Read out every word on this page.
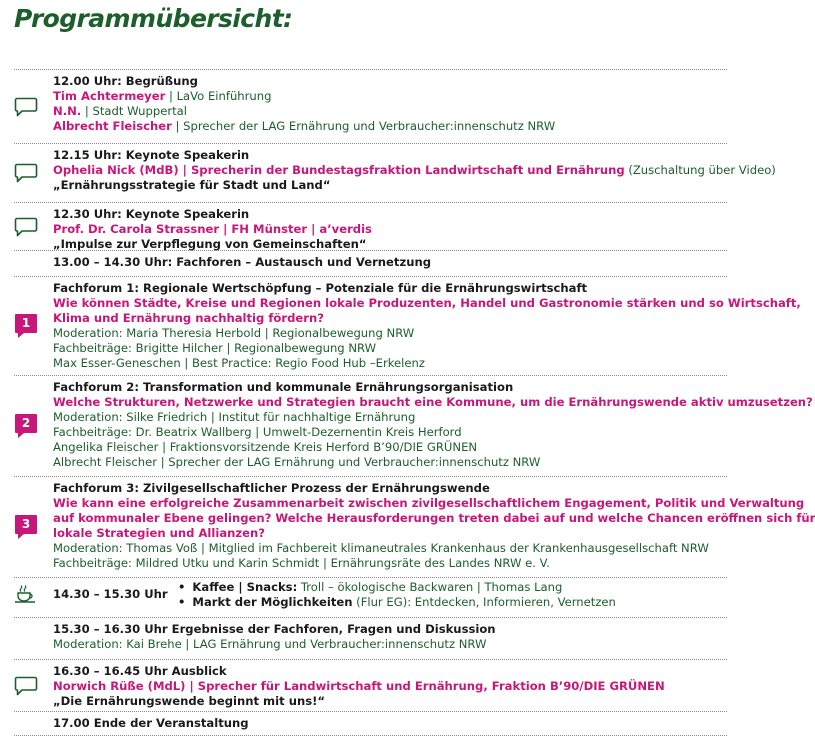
Programmübersicht:
12.00 Uhr: Begrüßung
Tim Achtermeyer | LaVo Einführung
N.N. | Stadt Wuppertal
Albrecht Fleischer | Sprecher der LAG Ernährung und Verbraucher:innenschutz NRW
12.15 Uhr: Keynote Speakerin
Ophelia Nick (MdB) | Sprecherin der Bundestagsfraktion Landwirtschaft und Ernährung (Zuschaltung über Video)
„Ernährungsstrategie für Stadt und Land“
12.30 Uhr: Keynote Speakerin
Prof. Dr. Carola Strassner | FH Münster | a’verdis
„Impulse zur Verpflegung von Gemeinschaften“
13.00 – 14.30 Uhr: Fachforen – Austausch und Vernetzung
1
Fachforum 1: Regionale Wertschöpfung – Potenziale für die Ernährungswirtschaft
Wie können Städte, Kreise und Regionen lokale Produzenten, Handel und Gastronomie stärken und so Wirtschaft,
Klima und Ernährung nachhaltig fördern?
Moderation: Maria Theresia Herbold | Regionalbewegung NRW
Fachbeiträge: Brigitte Hilcher | Regionalbewegung NRW
Max Esser-Geneschen | Best Practice: Regio Food Hub –Erkelenz
2
Fachforum 2: Transformation und kommunale Ernährungsorganisation
Welche Strukturen, Netzwerke und Strategien braucht eine Kommune, um die Ernährungswende aktiv umzusetzen?
Moderation: Silke Friedrich | Institut für nachhaltige Ernährung
Fachbeiträge: Dr. Beatrix Wallberg | Umwelt-Dezernentin Kreis Herford
Angelika Fleischer | Fraktionsvorsitzende Kreis Herford B’90/DIE GRÜNEN
Albrecht Fleischer | Sprecher der LAG Ernährung und Verbraucher:innenschutz NRW
3
Fachforum 3: Zivilgesellschaftlicher Prozess der Ernährungswende
Wie kann eine erfolgreiche Zusammenarbeit zwischen zivilgesellschaftlichem Engagement, Politik und Verwaltung
auf kommunaler Ebene gelingen? Welche Herausforderungen treten dabei auf und welche Chancen eröffnen sich für
lokale Strategien und Allianzen?
Moderation: Thomas Voß | Mitglied im Fachbereit klimaneutrales Krankenhaus der Krankenhausgesellschaft NRW
Fachbeiträge: Mildred Utku und Karin Schmidt | Ernährungsräte des Landes NRW e. V.
14.30 – 15.30 Uhr
•	Kaffee | Snacks: Troll – ökologische Backwaren | Thomas Lang
• Markt der Möglichkeiten (Flur EG): Entdecken, Informieren, Vernetzen
15.30 – 16.30 Uhr Ergebnisse der Fachforen, Fragen und Diskussion
Moderation: Kai Brehe | LAG Ernährung und Verbraucher:innenschutz NRW
16.30 – 16.45 Uhr Ausblick
Norwich Rüße (MdL) | Sprecher für Landwirtschaft und Ernährung, Fraktion B’90/DIE GRÜNEN
„Die Ernährungswende beginnt mit uns!“
17.00 Ende der Veranstaltung
